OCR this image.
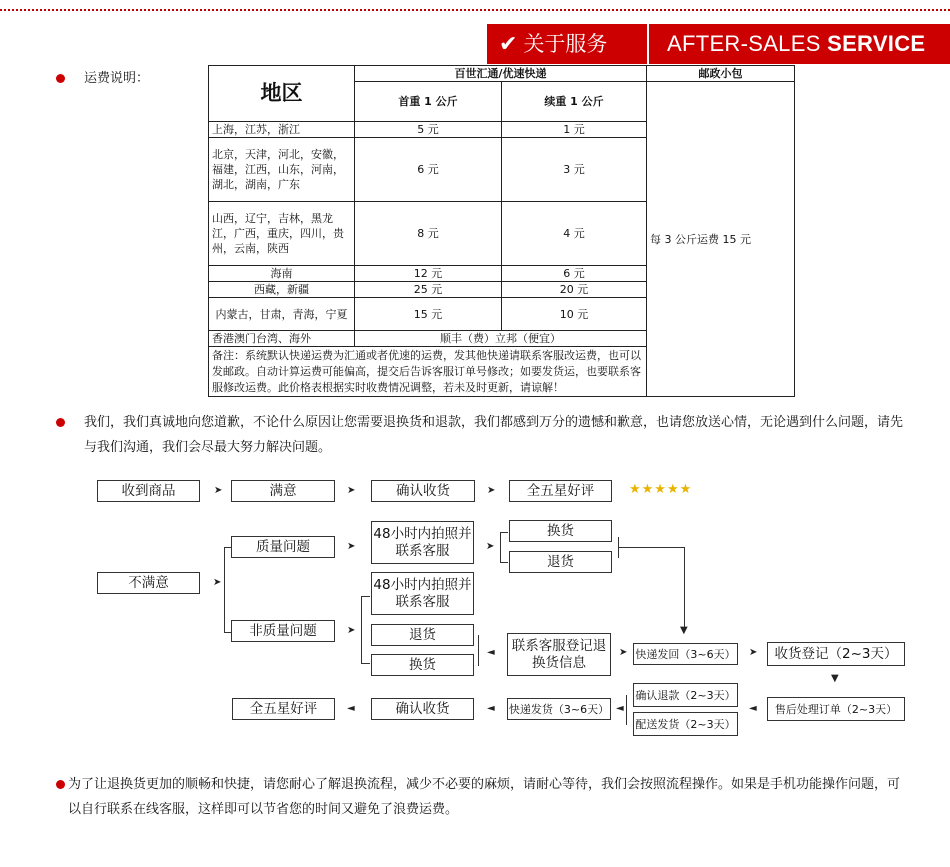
✔ 关于服务	AFTER-SALES SERVICE
运费说明：
地区	百世汇通/优速快递		邮政小包
	首重 1 公斤	续重 1 公斤	每 3 公斤运费 15 元
上海，江苏，浙江	5 元	1 元	
北京，天津，河北，安徽，福建，江西，山东，河南，湖北，湖南，广东	6 元	3 元	
山西，辽宁，吉林，黑龙江，广西，重庆，四川，贵州，云南，陕西	8 元	4 元	
海南	12 元	6 元	
西藏，新疆	25 元	20 元	
内蒙古，甘肃，青海，宁夏	15 元	10 元	
香港澳门台湾、海外	顺丰（费）立邦（便宜）		
备注：系统默认快递运费为汇通或者优速的运费，发其他快递请联系客服改运费，也可以发邮政。自动计算运费可能偏高，提交后告诉客服订单号修改；如要发货运，也要联系客服修改运费。此价格表根据实时收费情况调整，若未及时更新，请谅解！			
我们，我们真诚地向您道歉，不论什么原因让您需要退换货和退款，我们都感到万分的遗憾和歉意，也请您放送心情，无论遇到什么问题，请先与我们沟通，我们会尽最大努力解决问题。
收到商品	➤	满意	➤	确认收货	➤	全五星好评	★★★★★
不满意	➤
质量问题	➤
48小时内拍照并联系客服	➤
换货
退货
▼
非质量问题	➤
48小时内拍照并联系客服
退货
换货
◄	联系客服登记退换货信息
➤ 快递发回（3~6天） ➤	收货登记（2~3天）
▼
售后处理订单（2~3天）
◄
确认退款（2~3天）
配送发货（2~3天）
◄
快递发货（3~6天）
◄
确认收货
◄
全五星好评
为了让退换货更加的顺畅和快捷，请您耐心了解退换流程，减少不必要的麻烦，请耐心等待，我们会按照流程操作。如果是手机功能操作问题，可以自行联系在线客服，这样即可以节省您的时间又避免了浪费运费。
